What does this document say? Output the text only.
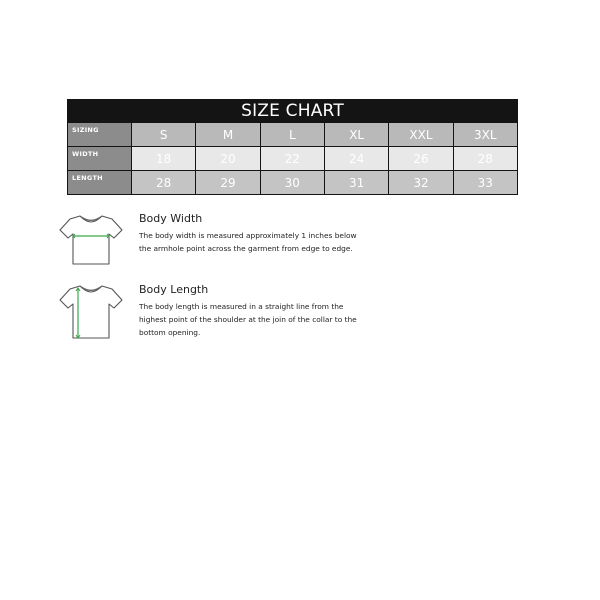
SIZE CHART
SIZING	S	M	L	XL	XXL	3XL
WIDTH	18	20	22	24	26	28
LENGTH	28	29	30	31	32	33
Body Width
The body width is measured approximately 1 inches below the armhole point across the garment from edge to edge.
Body Length
The body length is measured in a straight line from the highest point of the shoulder at the join of the collar to the bottom opening.
